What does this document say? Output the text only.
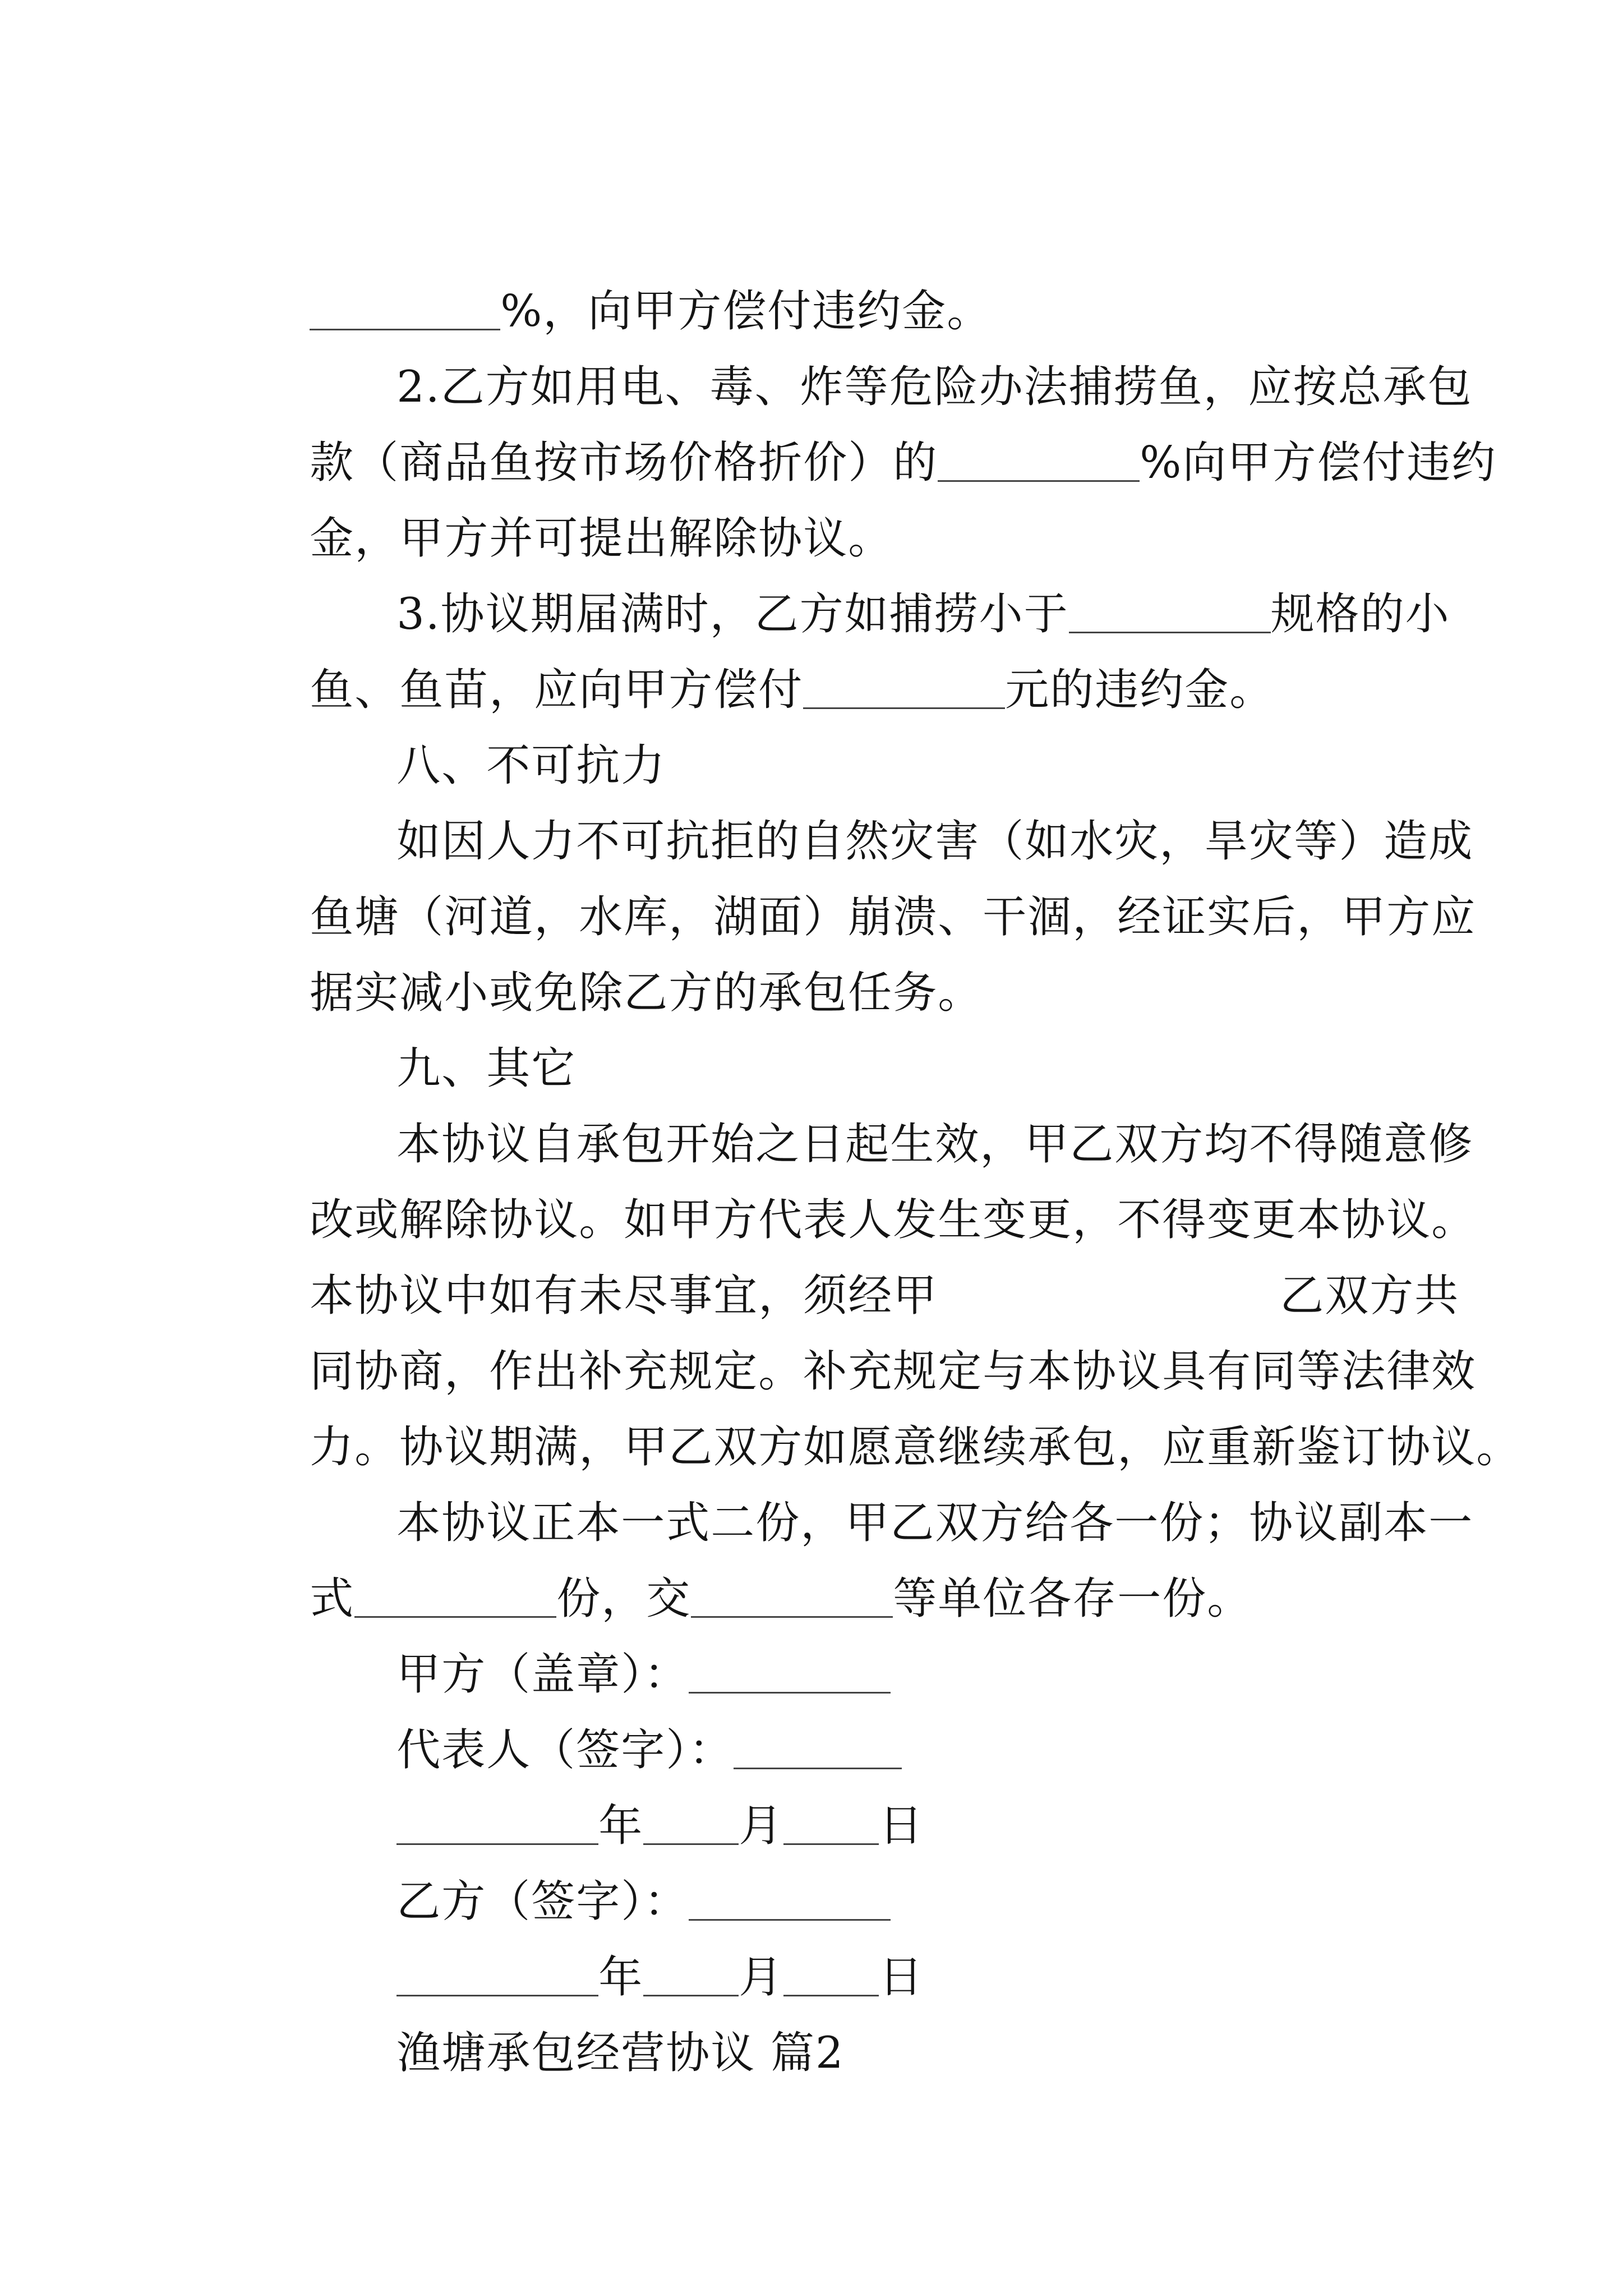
%，向甲方偿付违约金。

2.乙方如用电、毒、炸等危险办法捕捞鱼，应按总承包

款（商品鱼按市场价格折价）的	%向甲方偿付违约

金，甲方并可提出解除协议。

3.协议期届满时，乙方如捕捞小于	规格的小

鱼、鱼苗，应向甲方偿付	元的违约金。

八、不可抗力

如因人力不可抗拒的自然灾害（如水灾，旱灾等）造成

鱼塘（河道，水库，湖面）崩溃、干涸，经证实后，甲方应

据实减小或免除乙方的承包任务。

九、其它

本协议自承包开始之日起生效，甲乙双方均不得随意修

改或解除协议。如甲方代表人发生变更，不得变更本协议。

本协议中如有未尽事宜，须经甲	乙双方共

同协商，作出补充规定。补充规定与本协议具有同等法律效

力。协议期满，甲乙双方如愿意继续承包，应重新鉴订协议。

本协议正本一式二份，甲乙双方给各一份；协议副本一

式	份，交	等单位各存一份。

甲方（盖章）：

代表人（签字）：

年 月 日

乙方（签字）：

年 月 日

渔塘承包经营协议 篇2
